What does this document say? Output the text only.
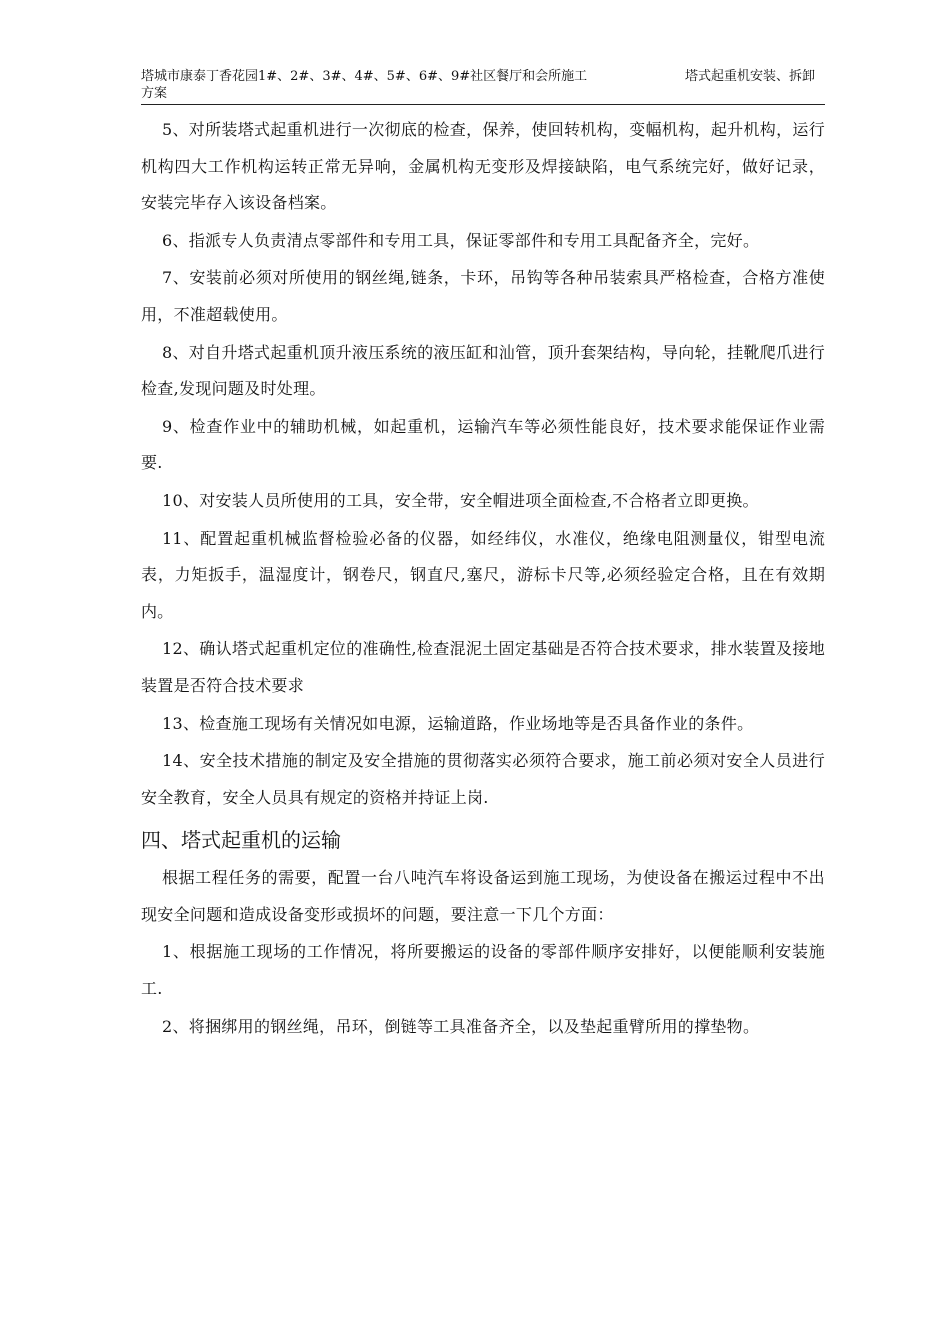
塔城市康泰丁香花园1#、2#、3#、4#、5#、6#、9#社区餐厅和会所施工方案
塔式起重机安装、拆卸

5、对所装塔式起重机进行一次彻底的检查，保养，使回转机构，变幅机构，起升机构，运行机构四大工作机构运转正常无异响，金属机构无变形及焊接缺陷，电气系统完好，做好记录，安装完毕存入该设备档案。

6、指派专人负责清点零部件和专用工具，保证零部件和专用工具配备齐全，完好。

7、安装前必须对所使用的钢丝绳,链条，卡环，吊钩等各种吊装索具严格检查，合格方准使用，不准超载使用。

8、对自升塔式起重机顶升液压系统的液压缸和汕管，顶升套架结构，导向轮，挂靴爬爪进行检查,发现问题及时处理。

9、检查作业中的辅助机械，如起重机，运输汽车等必须性能良好，技术要求能保证作业需要.

10、对安装人员所使用的工具，安全带，安全帽进项全面检查,不合格者立即更换。

11、配置起重机械监督检验必备的仪器，如经纬仪，水准仪，绝缘电阻测量仪，钳型电流表，力矩扳手，温湿度计，钢卷尺，钢直尺,塞尺，游标卡尺等,必须经验定合格，且在有效期内。

12、确认塔式起重机定位的准确性,检查混泥土固定基础是否符合技术要求，排水装置及接地装置是否符合技术要求

13、检查施工现场有关情况如电源，运输道路，作业场地等是否具备作业的条件。

14、安全技术措施的制定及安全措施的贯彻落实必须符合要求，施工前必须对安全人员进行安全教育，安全人员具有规定的资格并持证上岗.

四、塔式起重机的运输

根据工程任务的需要，配置一台八吨汽车将设备运到施工现场，为使设备在搬运过程中不出现安全问题和造成设备变形或损坏的问题，要注意一下几个方面：

1、根据施工现场的工作情况，将所要搬运的设备的零部件顺序安排好，以便能顺利安装施工.

2、将捆绑用的钢丝绳，吊环，倒链等工具准备齐全，以及垫起重臂所用的撑垫物。
